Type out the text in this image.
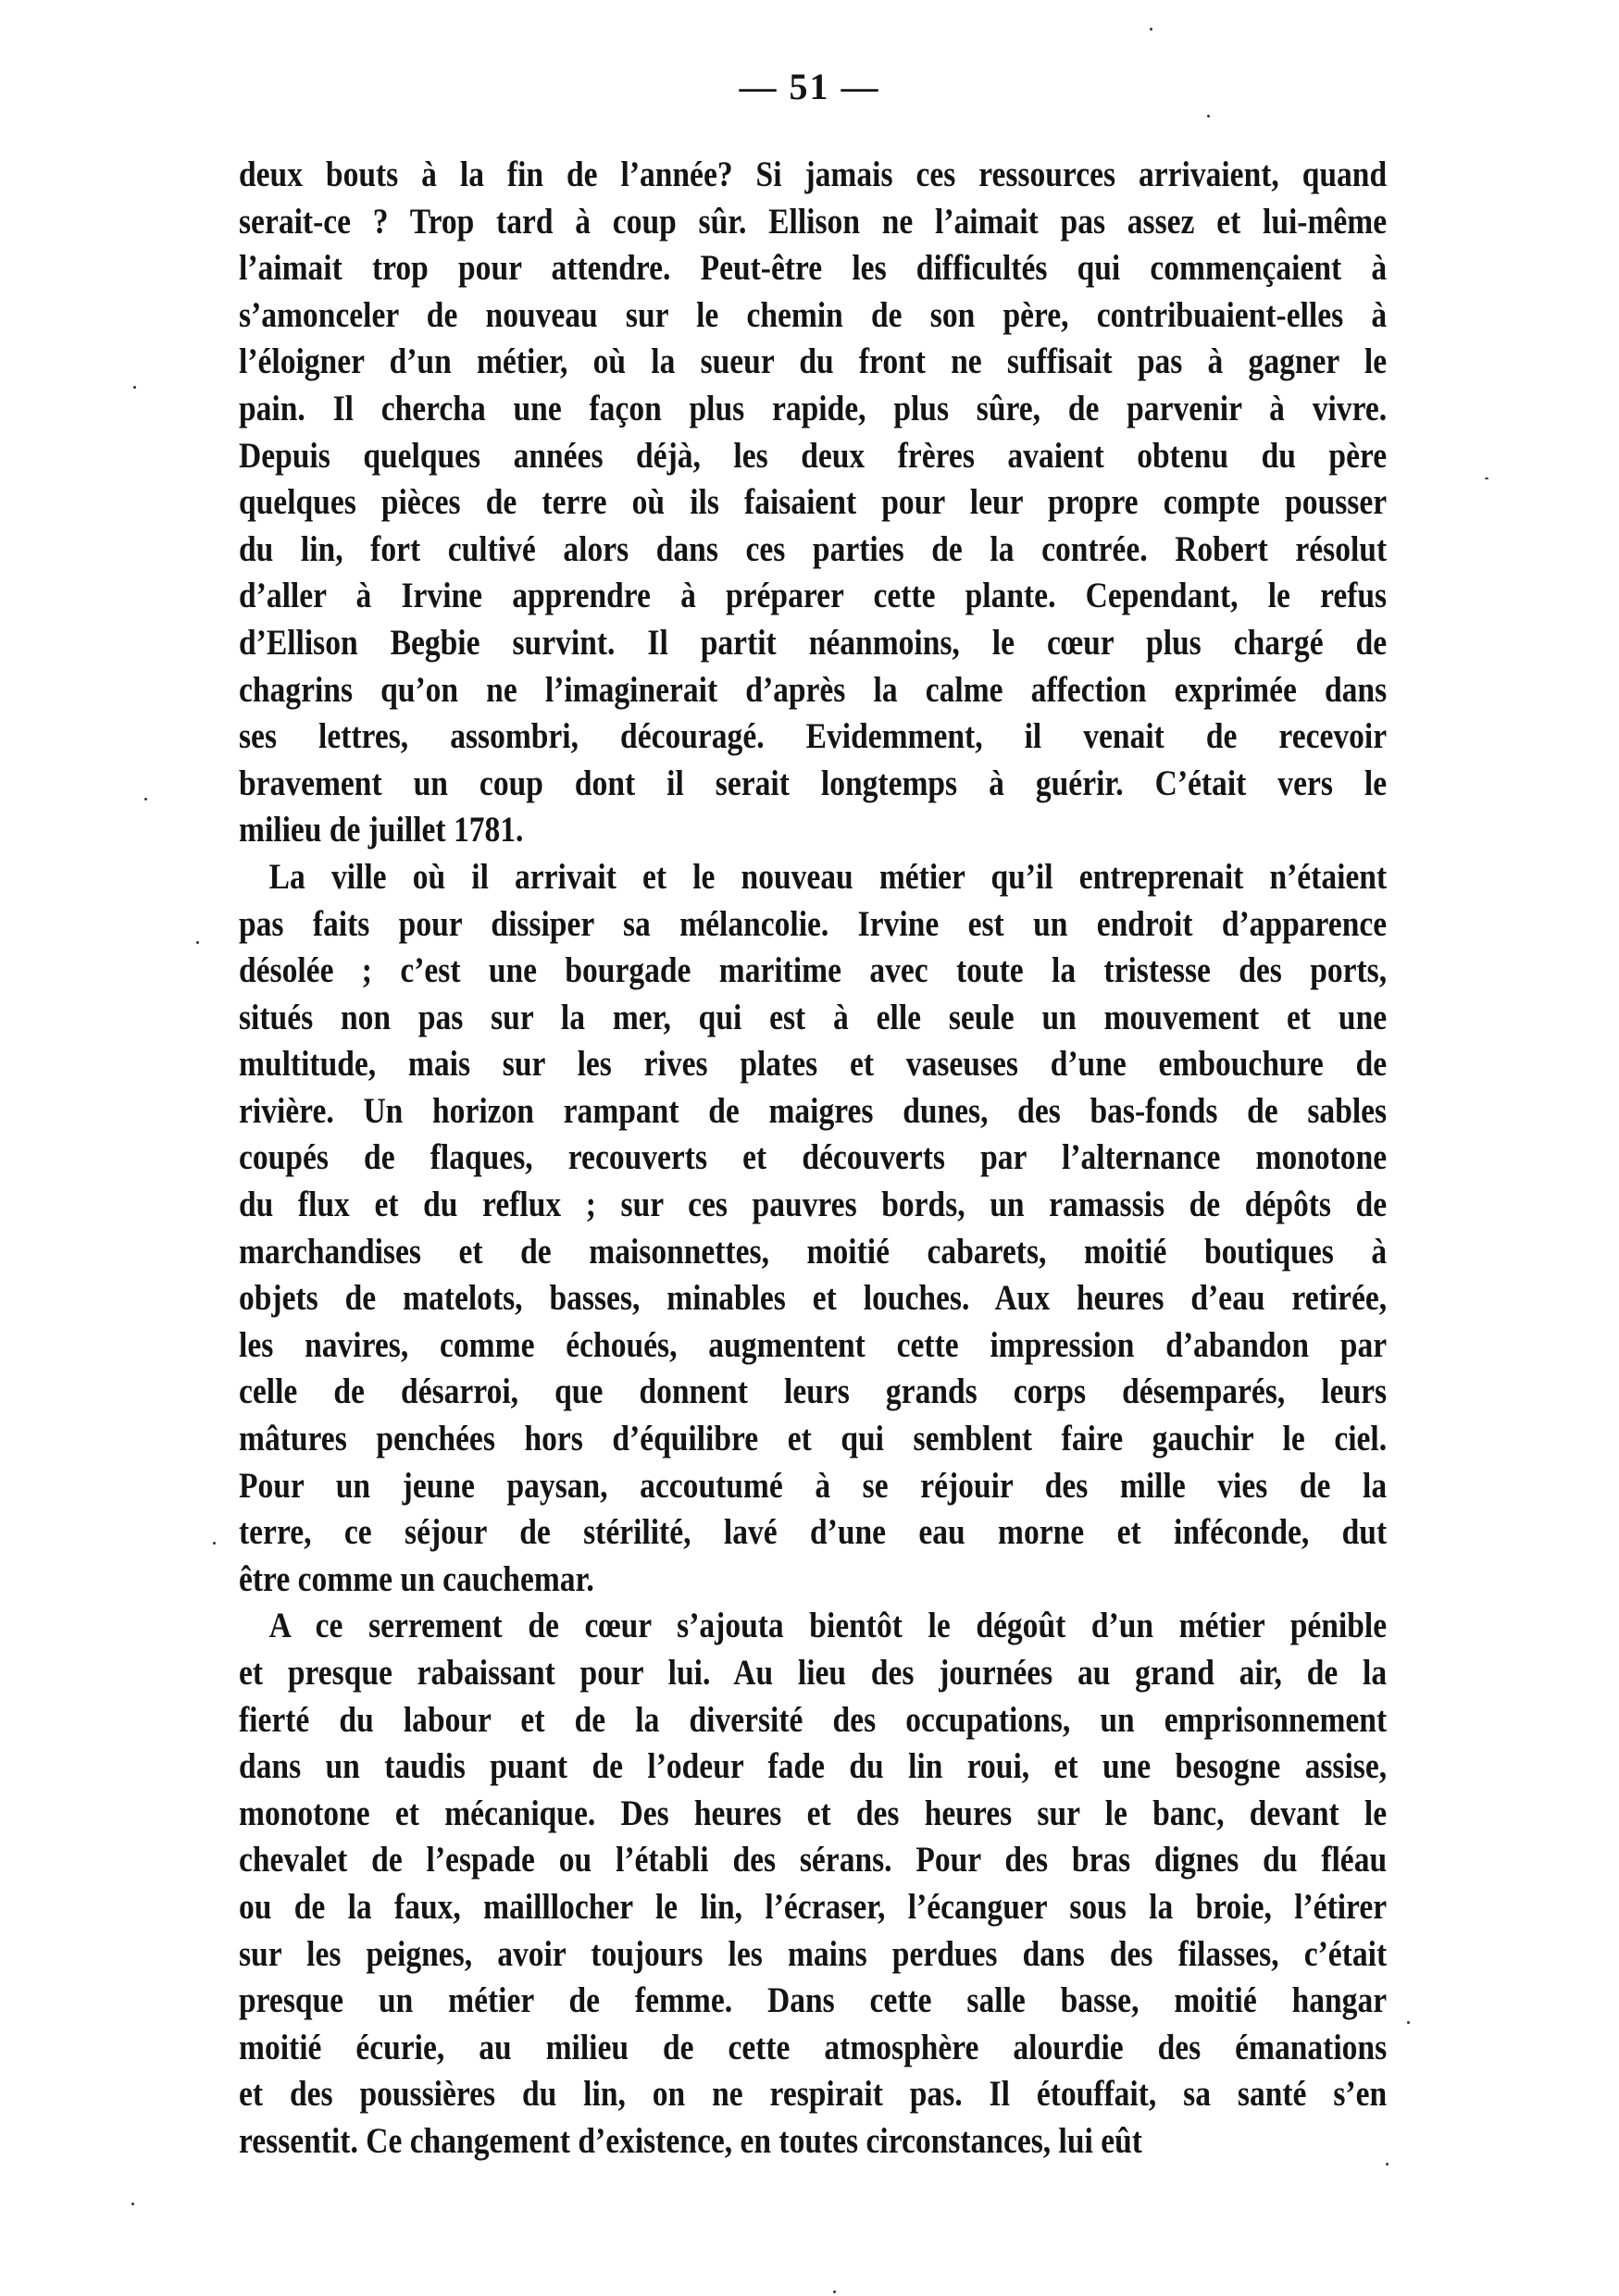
— 51 —
deux bouts à la fin de l’année? Si jamais ces ressources arrivaient, quand
serait-ce ? Trop tard à coup sûr. Ellison ne l’aimait pas assez et lui-même
l’aimait trop pour attendre. Peut-être les difficultés qui commençaient à
s’amonceler de nouveau sur le chemin de son père, contribuaient-elles à
l’éloigner d’un métier, où la sueur du front ne suffisait pas à gagner le
pain. Il chercha une façon plus rapide, plus sûre, de parvenir à vivre.
Depuis quelques années déjà, les deux frères avaient obtenu du père
quelques pièces de terre où ils faisaient pour leur propre compte pousser
du lin, fort cultivé alors dans ces parties de la contrée. Robert résolut
d’aller à Irvine apprendre à préparer cette plante. Cependant, le refus
d’Ellison Begbie survint. Il partit néanmoins, le cœur plus chargé de
chagrins qu’on ne l’imaginerait d’après la calme affection exprimée dans
ses lettres, assombri, découragé. Evidemment, il venait de recevoir
bravement un coup dont il serait longtemps à guérir. C’était vers le
milieu de juillet 1781.
La ville où il arrivait et le nouveau métier qu’il entreprenait n’étaient
pas faits pour dissiper sa mélancolie. Irvine est un endroit d’apparence
désolée ; c’est une bourgade maritime avec toute la tristesse des ports,
situés non pas sur la mer, qui est à elle seule un mouvement et une
multitude, mais sur les rives plates et vaseuses d’une embouchure de
rivière. Un horizon rampant de maigres dunes, des bas-fonds de sables
coupés de flaques, recouverts et découverts par l’alternance monotone
du flux et du reflux ; sur ces pauvres bords, un ramassis de dépôts de
marchandises et de maisonnettes, moitié cabarets, moitié boutiques à
objets de matelots, basses, minables et louches. Aux heures d’eau retirée,
les navires, comme échoués, augmentent cette impression d’abandon par
celle de désarroi, que donnent leurs grands corps désemparés, leurs
mâtures penchées hors d’équilibre et qui semblent faire gauchir le ciel.
Pour un jeune paysan, accoutumé à se réjouir des mille vies de la
terre, ce séjour de stérilité, lavé d’une eau morne et inféconde, dut
être comme un cauchemar.
A ce serrement de cœur s’ajouta bientôt le dégoût d’un métier pénible
et presque rabaissant pour lui. Au lieu des journées au grand air, de la
fierté du labour et de la diversité des occupations, un emprisonnement
dans un taudis puant de l’odeur fade du lin roui, et une besogne assise,
monotone et mécanique. Des heures et des heures sur le banc, devant le
chevalet de l’espade ou l’établi des sérans. Pour des bras dignes du fléau
ou de la faux, mailllocher le lin, l’écraser, l’écanguer sous la broie, l’étirer
sur les peignes, avoir toujours les mains perdues dans des filasses, c’était
presque un métier de femme. Dans cette salle basse, moitié hangar
moitié écurie, au milieu de cette atmosphère alourdie des émanations
et des poussières du lin, on ne respirait pas. Il étouffait, sa santé s’en
ressentit. Ce changement d’existence, en toutes circonstances, lui eût
